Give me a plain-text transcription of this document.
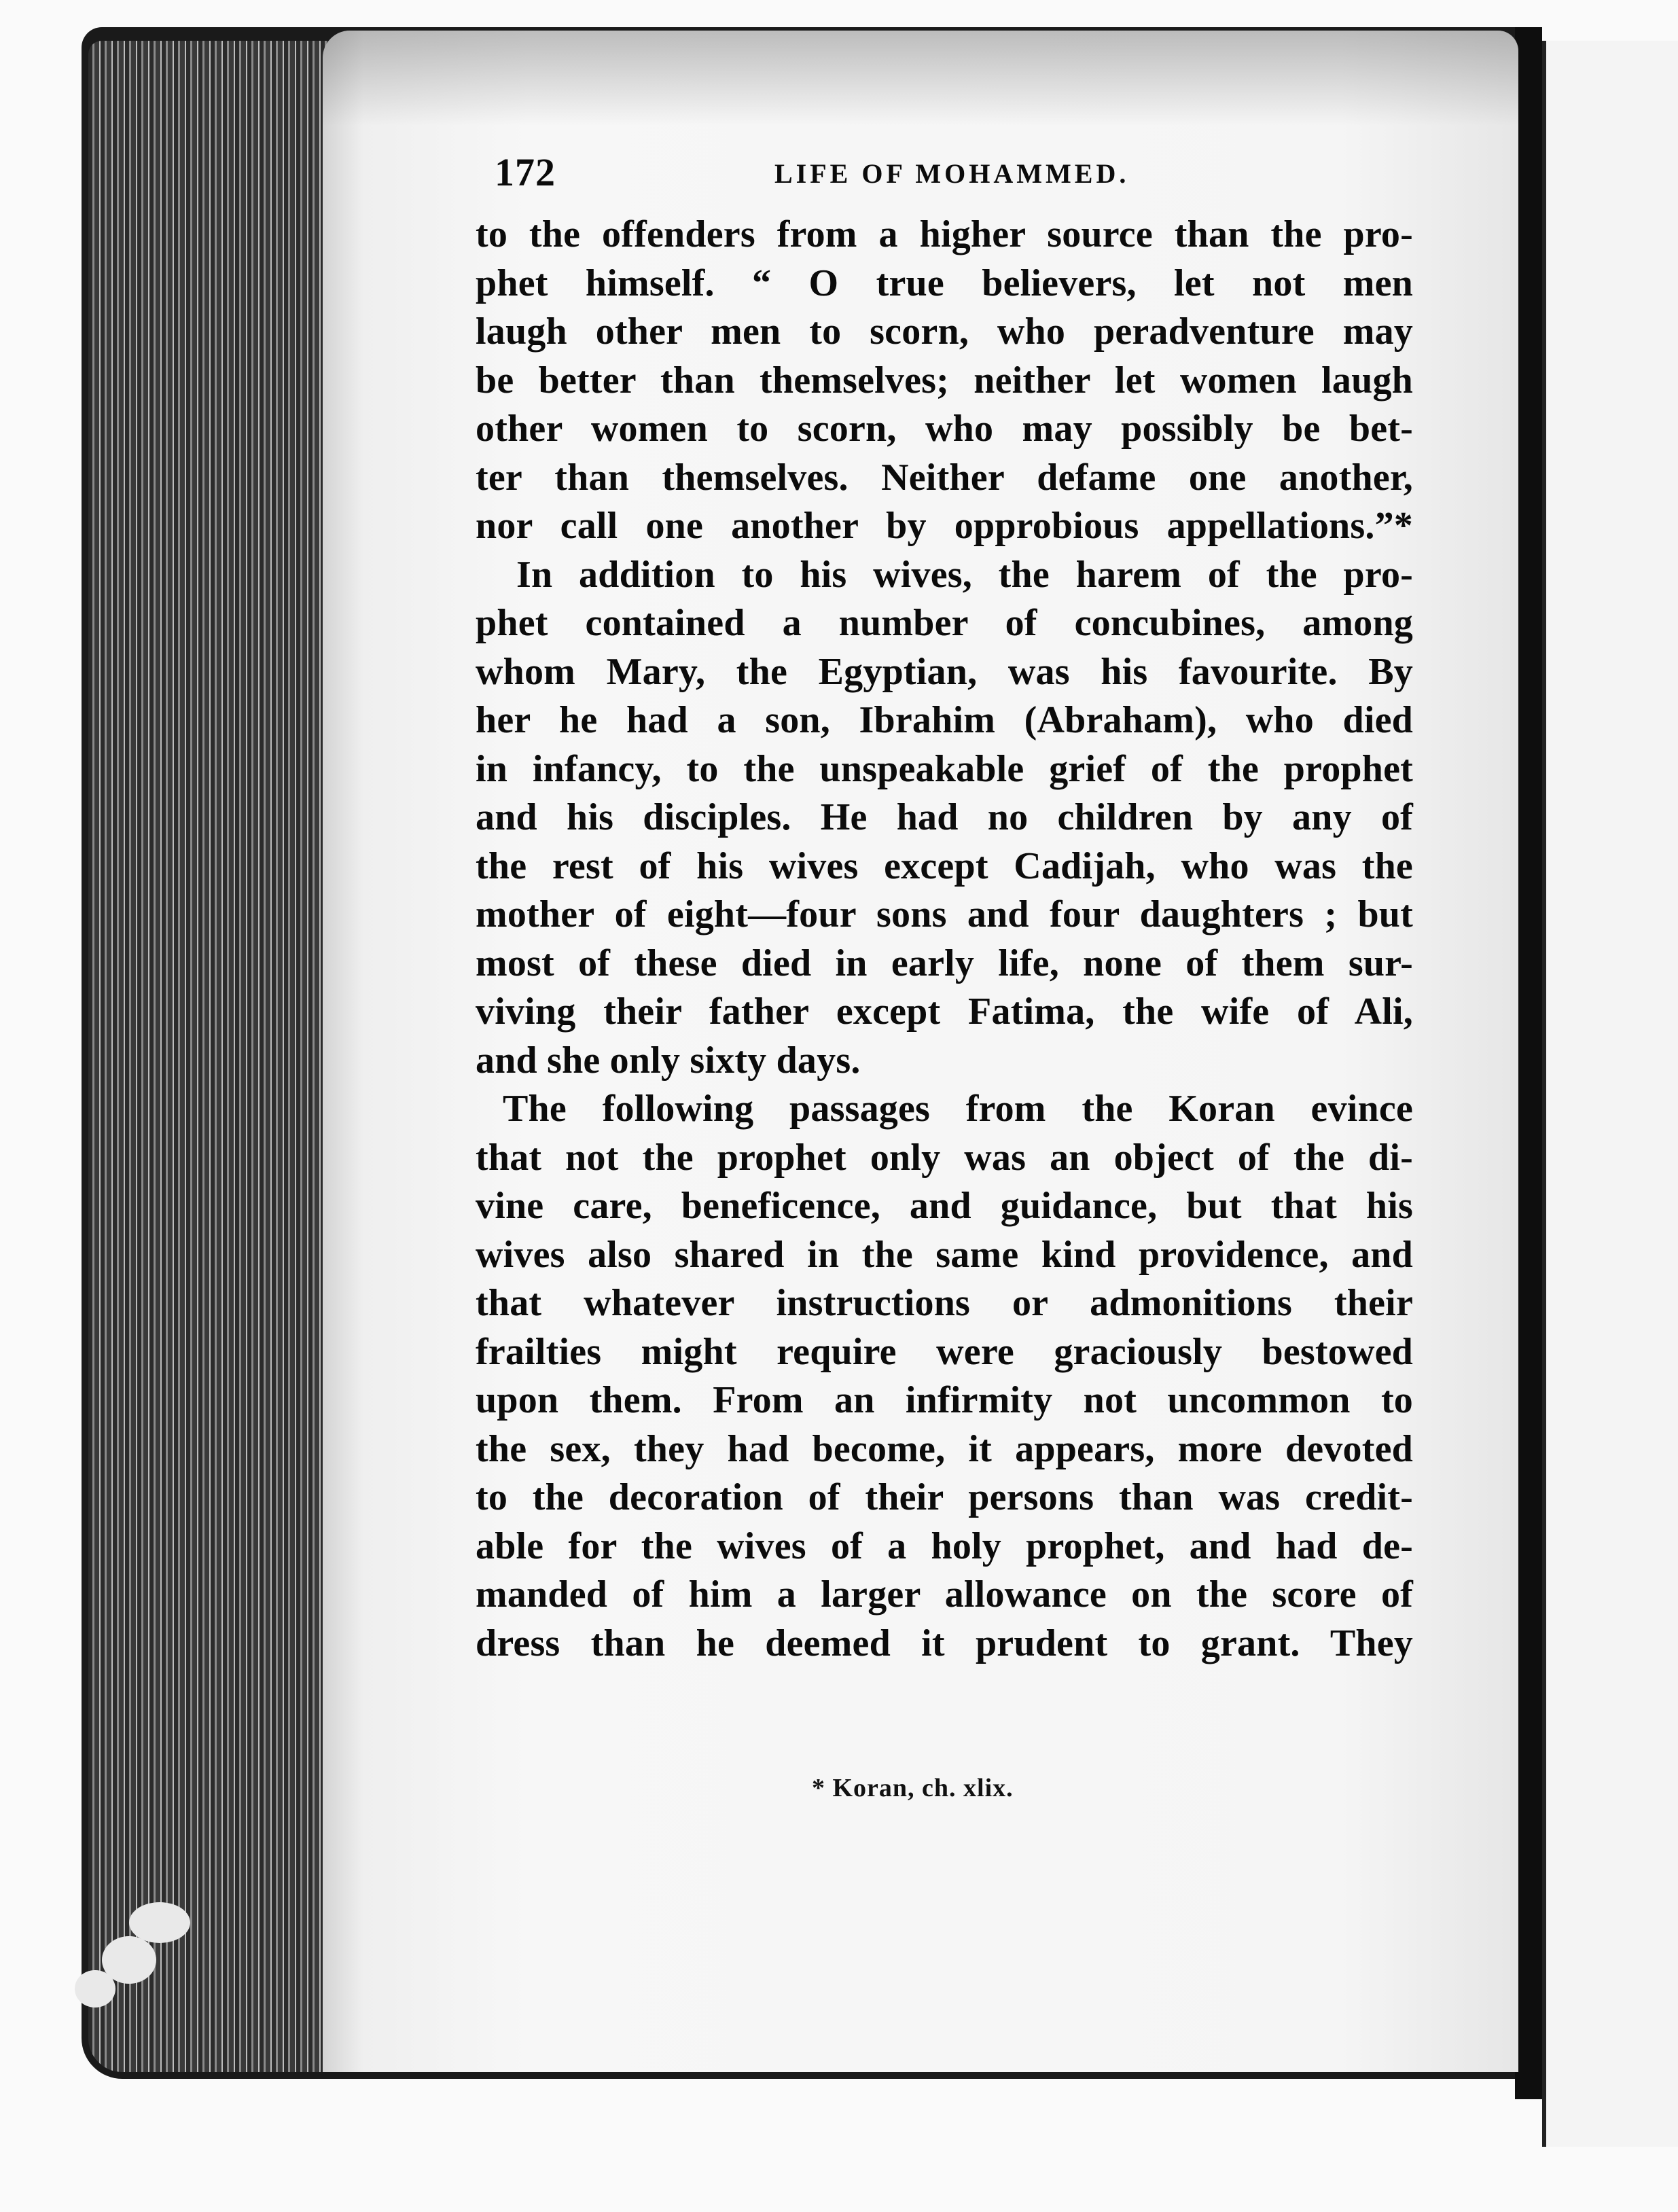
172	LIFE OF MOHAMMED.
to the offenders from a higher source than the pro-
phet himself. “ O true believers, let not men
laugh other men to scorn, who peradventure may
be better than themselves; neither let women laugh
other women to scorn, who may possibly be bet-
ter than themselves. Neither defame one another,
nor call one another by opprobious appellations.”*
In addition to his wives, the harem of the pro-
phet contained a number of concubines, among
whom Mary, the Egyptian, was his favourite. By
her he had a son, Ibrahim (Abraham), who died
in infancy, to the unspeakable grief of the prophet
and his disciples. He had no children by any of
the rest of his wives except Cadijah, who was the
mother of eight—four sons and four daughters ; but
most of these died in early life, none of them sur-
viving their father except Fatima, the wife of Ali,
and she only sixty days.
The following passages from the Koran evince
that not the prophet only was an object of the di-
vine care, beneficence, and guidance, but that his
wives also shared in the same kind providence, and
that whatever instructions or admonitions their
frailties might require were graciously bestowed
upon them. From an infirmity not uncommon to
the sex, they had become, it appears, more devoted
to the decoration of their persons than was credit-
able for the wives of a holy prophet, and had de-
manded of him a larger allowance on the score of
dress than he deemed it prudent to grant. They
* Koran, ch. xlix.
